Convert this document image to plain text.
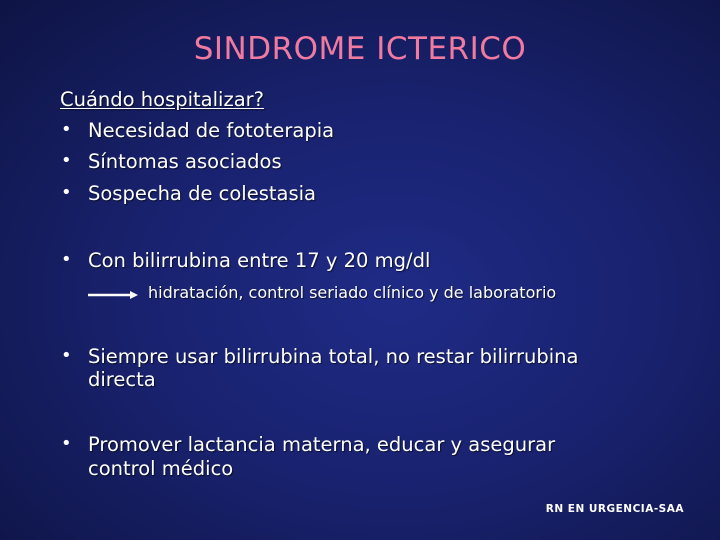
SINDROME ICTERICO
Cuándo hospitalizar?
• Necesidad de fototerapia
• Síntomas asociados
• Sospecha de colestasia
• Con bilirrubina entre 17 y 20 mg/dl
hidratación, control seriado clínico y de laboratorio
• Siempre usar bilirrubina total, no restar bilirrubina
directa
• Promover lactancia materna, educar y asegurar
control médico
RN EN URGENCIA-SAA
